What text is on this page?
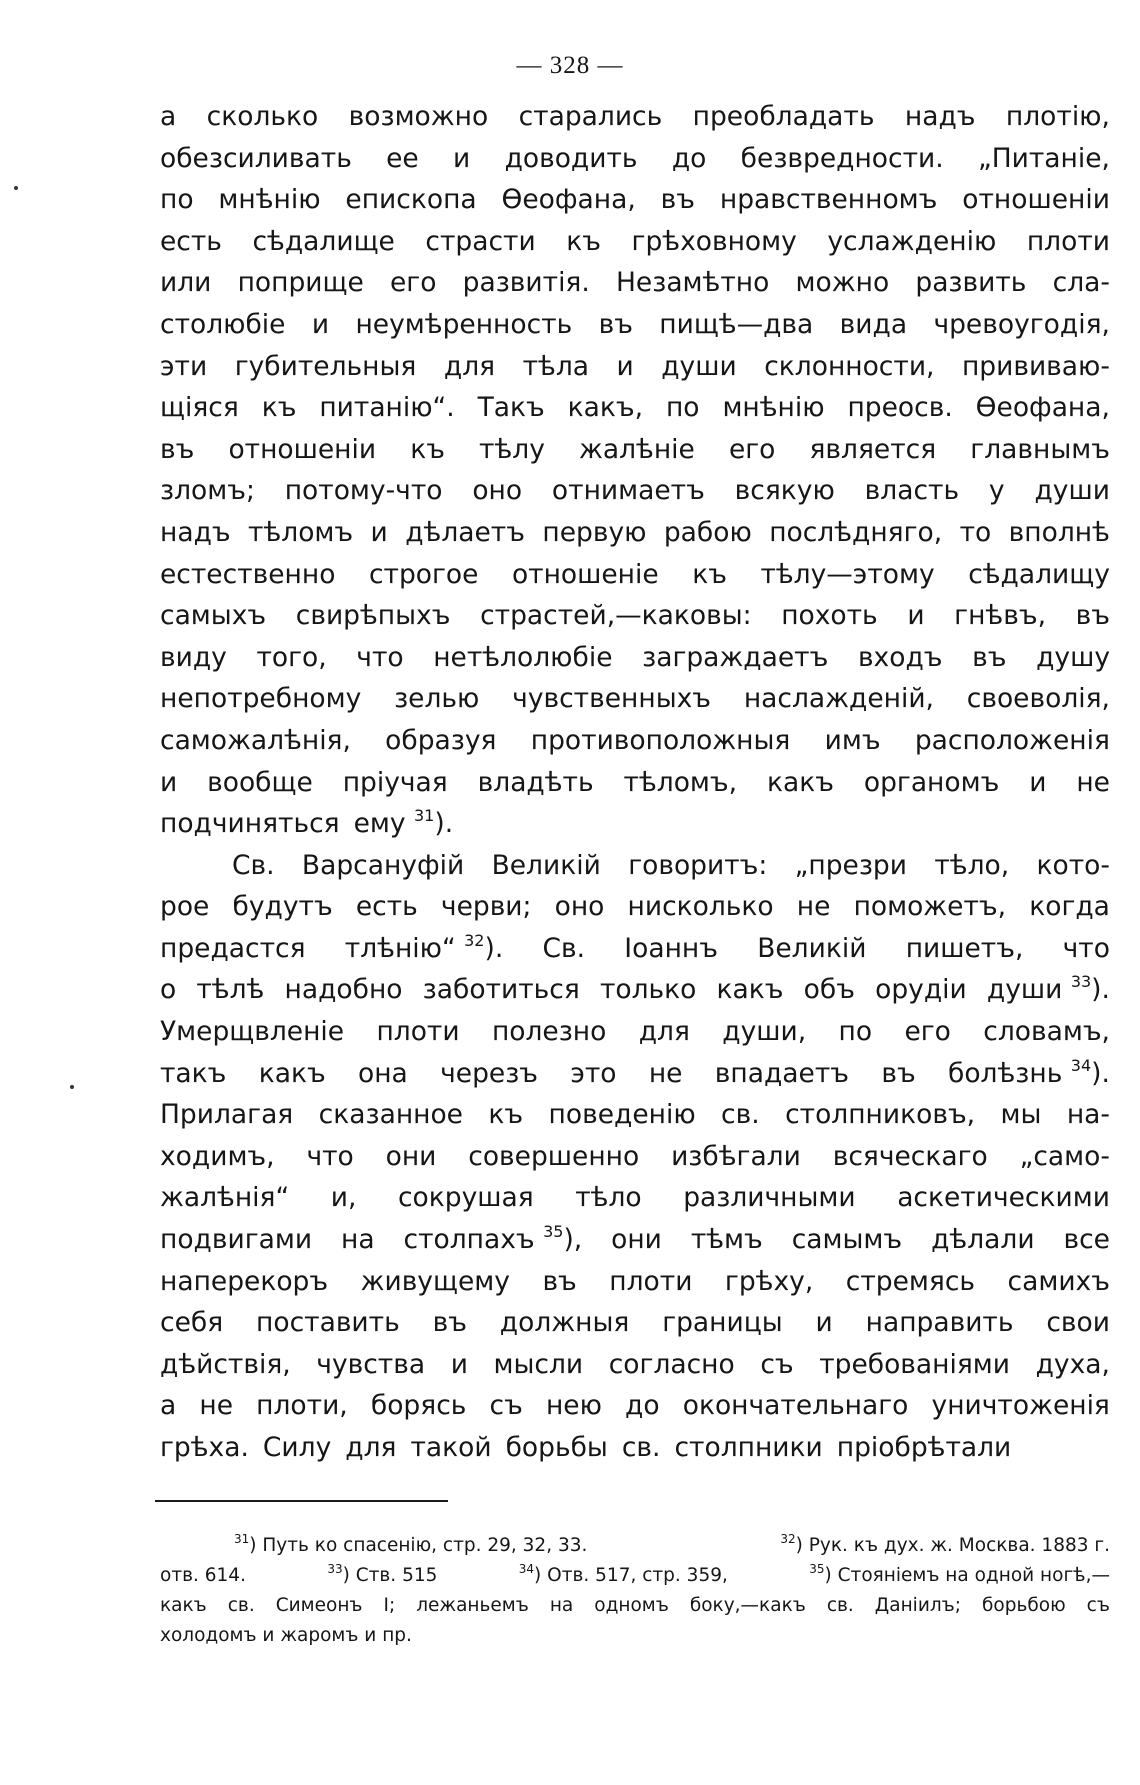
— 328 —
а сколько возможно старались преобладать надъ плотію,
обезсиливать ее и доводить до безвредности. „Питаніе,
по мнѣнію епископа Ѳеофана, въ нравственномъ отношеніи
есть сѣдалище страсти къ грѣховному услажденію плоти
или поприще его развитія. Незамѣтно можно развить сла-
столюбіе и неумѣренность въ пищѣ—два вида чревоугодія,
эти губительныя для тѣла и души склонности, прививаю-
щіяся къ питанію“. Такъ какъ, по мнѣнію преосв. Ѳеофана,
въ отношеніи къ тѣлу жалѣніе его является главнымъ
зломъ; потому-что оно отнимаетъ всякую власть у души
надъ тѣломъ и дѣлаетъ первую рабою послѣдняго, то вполнѣ
естественно строгое отношеніе къ тѣлу—этому сѣдалищу
самыхъ свирѣпыхъ страстей,—каковы: похоть и гнѣвъ, въ
виду того, что нетѣлолюбіе заграждаетъ входъ въ душу
непотребному зелью чувственныхъ наслажденій, своеволія,
саможалѣнія, образуя противоположныя имъ расположенія
и вообще пріучая владѣть тѣломъ, какъ органомъ и не
подчиняться ему $^{31}$).
Св. Варсануфій Великій говоритъ: „презри тѣло, кото-
рое будутъ есть черви; оно нисколько не поможетъ, когда
предастся тлѣнію“ $^{32}$). Св. Іоаннъ Великій пишетъ, что
о тѣлѣ надобно заботиться только какъ объ орудіи души $^{33}$).
Умерщвленіе плоти полезно для души, по его словамъ,
такъ какъ она черезъ это не впадаетъ въ болѣзнь $^{34}$).
Прилагая сказанное къ поведенію св. столпниковъ, мы на-
ходимъ, что они совершенно избѣгали всяческаго „само-
жалѣнія“ и, сокрушая тѣло различными аскетическими
подвигами на столпахъ $^{35}$), они тѣмъ самымъ дѣлали все
наперекоръ живущему въ плоти грѣху, стремясь самихъ
себя поставить въ должныя границы и направить свои
дѣйствія, чувства и мысли согласно съ требованіями духа,
а не плоти, борясь съ нею до окончательнаго уничтоженія
грѣха. Силу для такой борьбы св. столпники пріобрѣтали
$^{31}$) Путь ко спасенію, стр. 29, 32, 33.	$^{32}$) Рук. къ дух. ж. Москва. 1883 г.
отв. 614.	$^{33}$) Ств. 515	$^{34}$) Отв. 517, стр. 359,	$^{35}$) Стояніемъ на одной ногѣ,—
какъ св. Симеонъ I; лежаньемъ на одномъ боку,—какъ св. Даніилъ; борьбою съ
холодомъ и жаромъ и пр.
